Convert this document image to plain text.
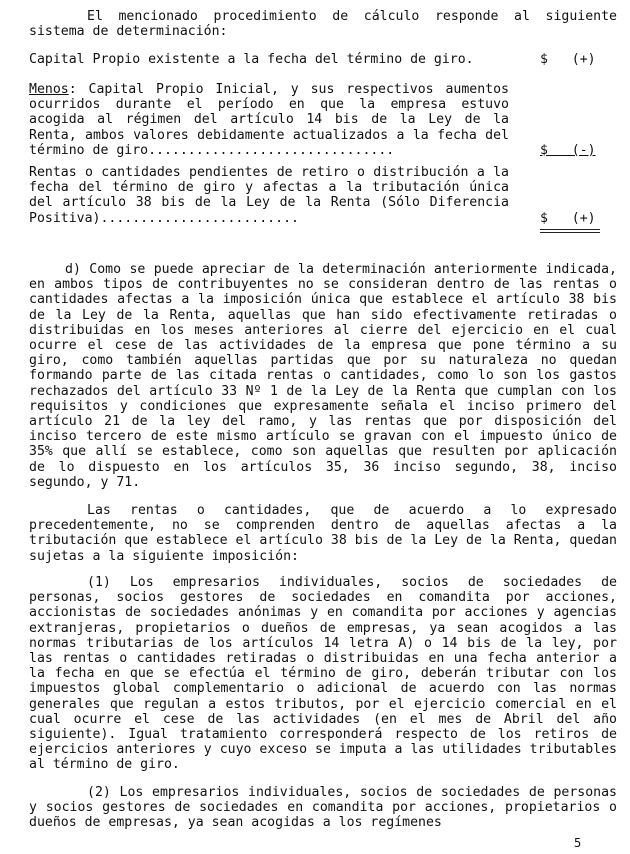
El mencionado procedimiento de cálculo responde al siguiente sistema de determinación:

Capital Propio existente a la fecha del término de giro.	$   (+)

Menos: Capital Propio Inicial, y sus respectivos aumentos ocurridos durante el período en que la empresa estuvo acogida al régimen del artículo 14 bis de la Ley de la Renta, ambos valores debidamente actualizados a la fecha del término de giro...............................	$   (-)

Rentas o cantidades pendientes de retiro o distribución a la fecha del término de giro y afectas a la tributación única del artículo 38 bis de la Ley de la Renta (Sólo Diferencia Positiva).........................	$   (+)

d) Como se puede apreciar de la determinación anteriormente indicada, en ambos tipos de contribuyentes no se consideran dentro de las rentas o cantidades afectas a la imposición única que establece el artículo 38 bis de la Ley de la Renta, aquellas que han sido efectivamente retiradas o distribuidas en los meses anteriores al cierre del ejercicio en el cual ocurre el cese de las actividades de la empresa que pone término a su giro, como también aquellas partidas que por su naturaleza no quedan formando parte de las citada rentas o cantidades, como lo son los gastos rechazados del artículo 33 Nº 1 de la Ley de la Renta que cumplan con los requisitos y condiciones que expresamente señala el inciso primero del artículo 21 de la ley del ramo, y las rentas que por disposición del inciso tercero de este mismo artículo se gravan con el impuesto único de 35% que allí se establece, como son aquellas que resulten por aplicación de lo dispuesto en los artículos 35, 36 inciso segundo, 38, inciso segundo, y 71.

Las rentas o cantidades, que de acuerdo a lo expresado precedentemente, no se comprenden dentro de aquellas afectas a la tributación que establece el artículo 38 bis de la Ley de la Renta, quedan sujetas a la siguiente imposición:

(1) Los empresarios individuales, socios de sociedades de personas, socios gestores de sociedades en comandita por acciones, accionistas de sociedades anónimas y en comandita por acciones y agencias extranjeras, propietarios o dueños de empresas, ya sean acogidos a las normas tributarias de los artículos 14 letra A) o 14 bis de la ley, por las rentas o cantidades retiradas o distribuidas en una fecha anterior a la fecha en que se efectúa el término de giro, deberán tributar con los impuestos global complementario o adicional de acuerdo con las normas generales que regulan a estos tributos, por el ejercicio comercial en el cual ocurre el cese de las actividades (en el mes de Abril del año siguiente). Igual tratamiento corresponderá respecto de los retiros de ejercicios anteriores y cuyo exceso se imputa a las utilidades tributables al término de giro.

(2) Los empresarios individuales, socios de sociedades de personas y socios gestores de sociedades en comandita por acciones, propietarios o dueños de empresas, ya sean acogidas a los regímenes

5
